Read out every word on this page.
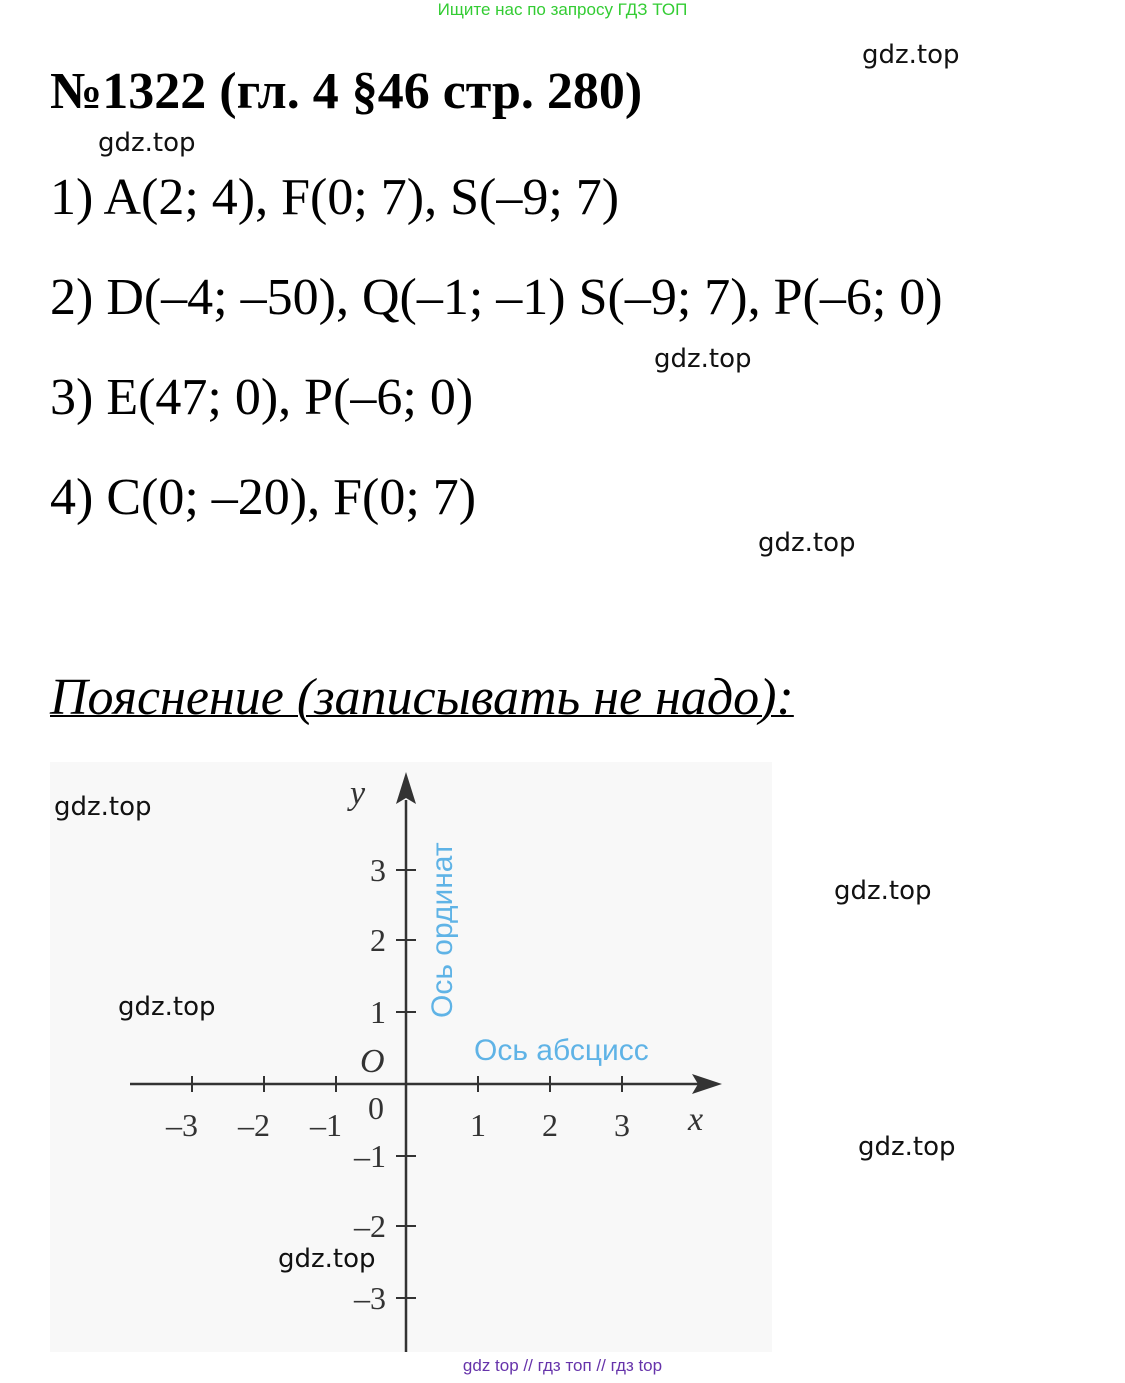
Ищите нас по запросу ГДЗ ТОП
№1322 (гл. 4 §46 стр. 280)
1) A(2; 4), F(0; 7), S(–9; 7)
2) D(–4; –50), Q(–1; –1) S(–9; 7), P(–6; 0)
3) E(47; 0), P(–6; 0)
4) C(0; –20), F(0; 7)
Пояснение (записывать не надо):
–3 –2 –1	1 2 3
3
2
1
–1
–2
–3
O
0
y
x
Ось ординат
Ось абсцисс
gdz.top
gdz.top
gdz.top
gdz.top
gdz.top
gdz.top
gdz.top
gdz.top
gdz.top
gdz top // гдз топ // гдз top
